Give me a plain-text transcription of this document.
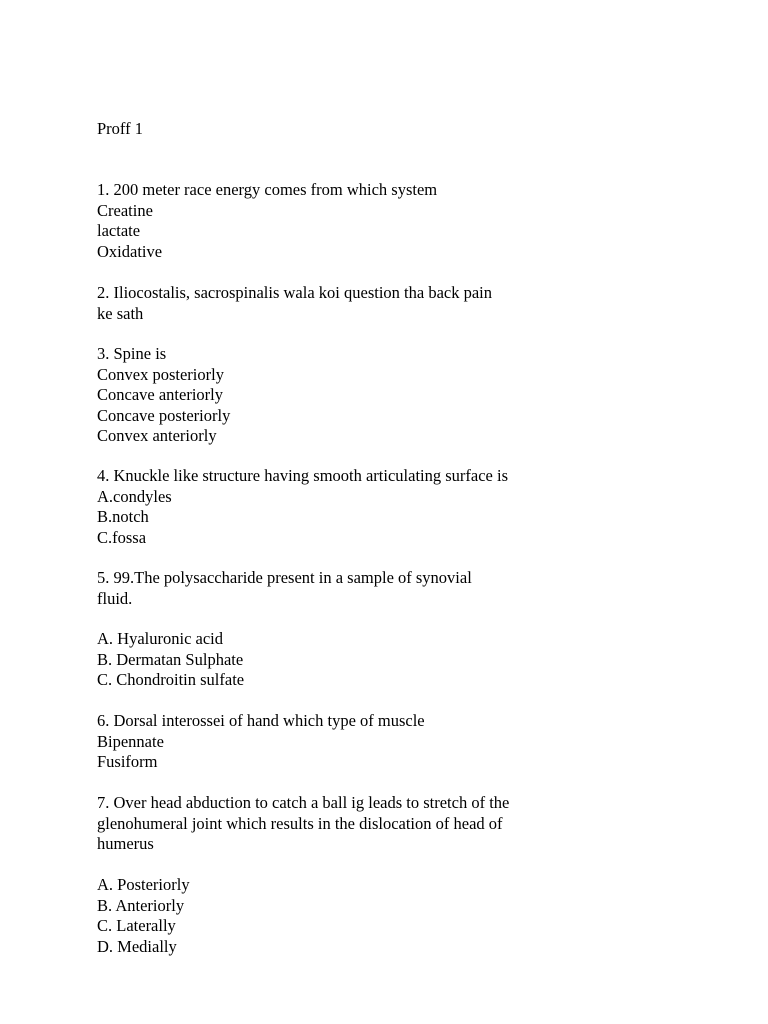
Proff 1
1. 200 meter race energy comes from which system
Creatine
lactate
Oxidative
2. Iliocostalis, sacrospinalis wala koi question tha back pain
ke sath
3. Spine is
Convex posteriorly
Concave anteriorly
Concave posteriorly
Convex anteriorly
4. Knuckle like structure having smooth articulating surface is
A.condyles
B.notch
C.fossa
5. 99.The polysaccharide present in a sample of synovial
fluid.
A. Hyaluronic acid
B. Dermatan Sulphate
C. Chondroitin sulfate
6. Dorsal interossei of hand which type of muscle
Bipennate
Fusiform
7. Over head abduction to catch a ball ig leads to stretch of the
glenohumeral joint which results in the dislocation of head of
humerus
A. Posteriorly
B. Anteriorly
C. Laterally
D. Medially
